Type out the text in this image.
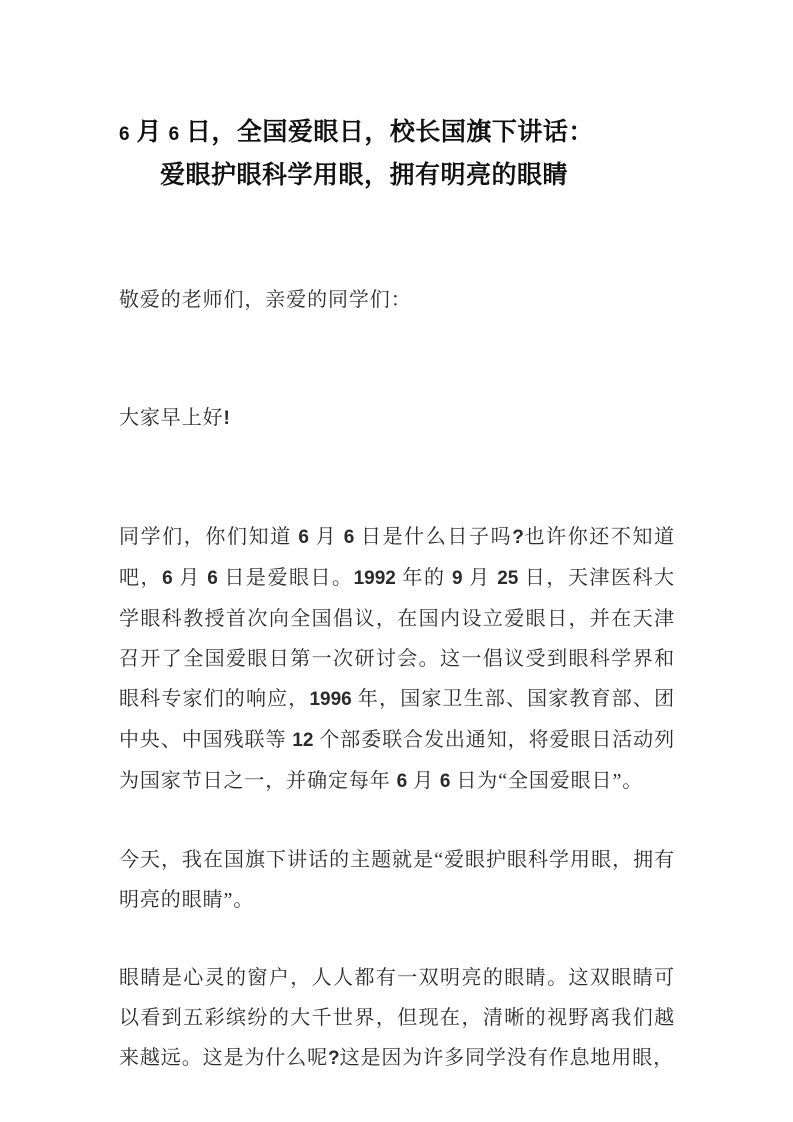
6 月 6 日，全国爱眼日，校长国旗下讲话：
爱眼护眼科学用眼，拥有明亮的眼睛

敬爱的老师们，亲爱的同学们：

大家早上好!

同学们，你们知道 6 月 6 日是什么日子吗?也许你还不知道吧，6 月 6 日是爱眼日。1992 年的 9 月 25 日，天津医科大学眼科教授首次向全国倡议，在国内设立爱眼日，并在天津召开了全国爱眼日第一次研讨会。这一倡议受到眼科学界和眼科专家们的响应，1996 年，国家卫生部、国家教育部、团中央、中国残联等 12 个部委联合发出通知，将爱眼日活动列为国家节日之一，并确定每年 6 月 6 日为“全国爱眼日”。

今天，我在国旗下讲话的主题就是“爱眼护眼科学用眼，拥有明亮的眼睛”。

眼睛是心灵的窗户，人人都有一双明亮的眼睛。这双眼睛可以看到五彩缤纷的大千世界，但现在，清晰的视野离我们越来越远。这是为什么呢?这是因为许多同学没有作息地用眼，
